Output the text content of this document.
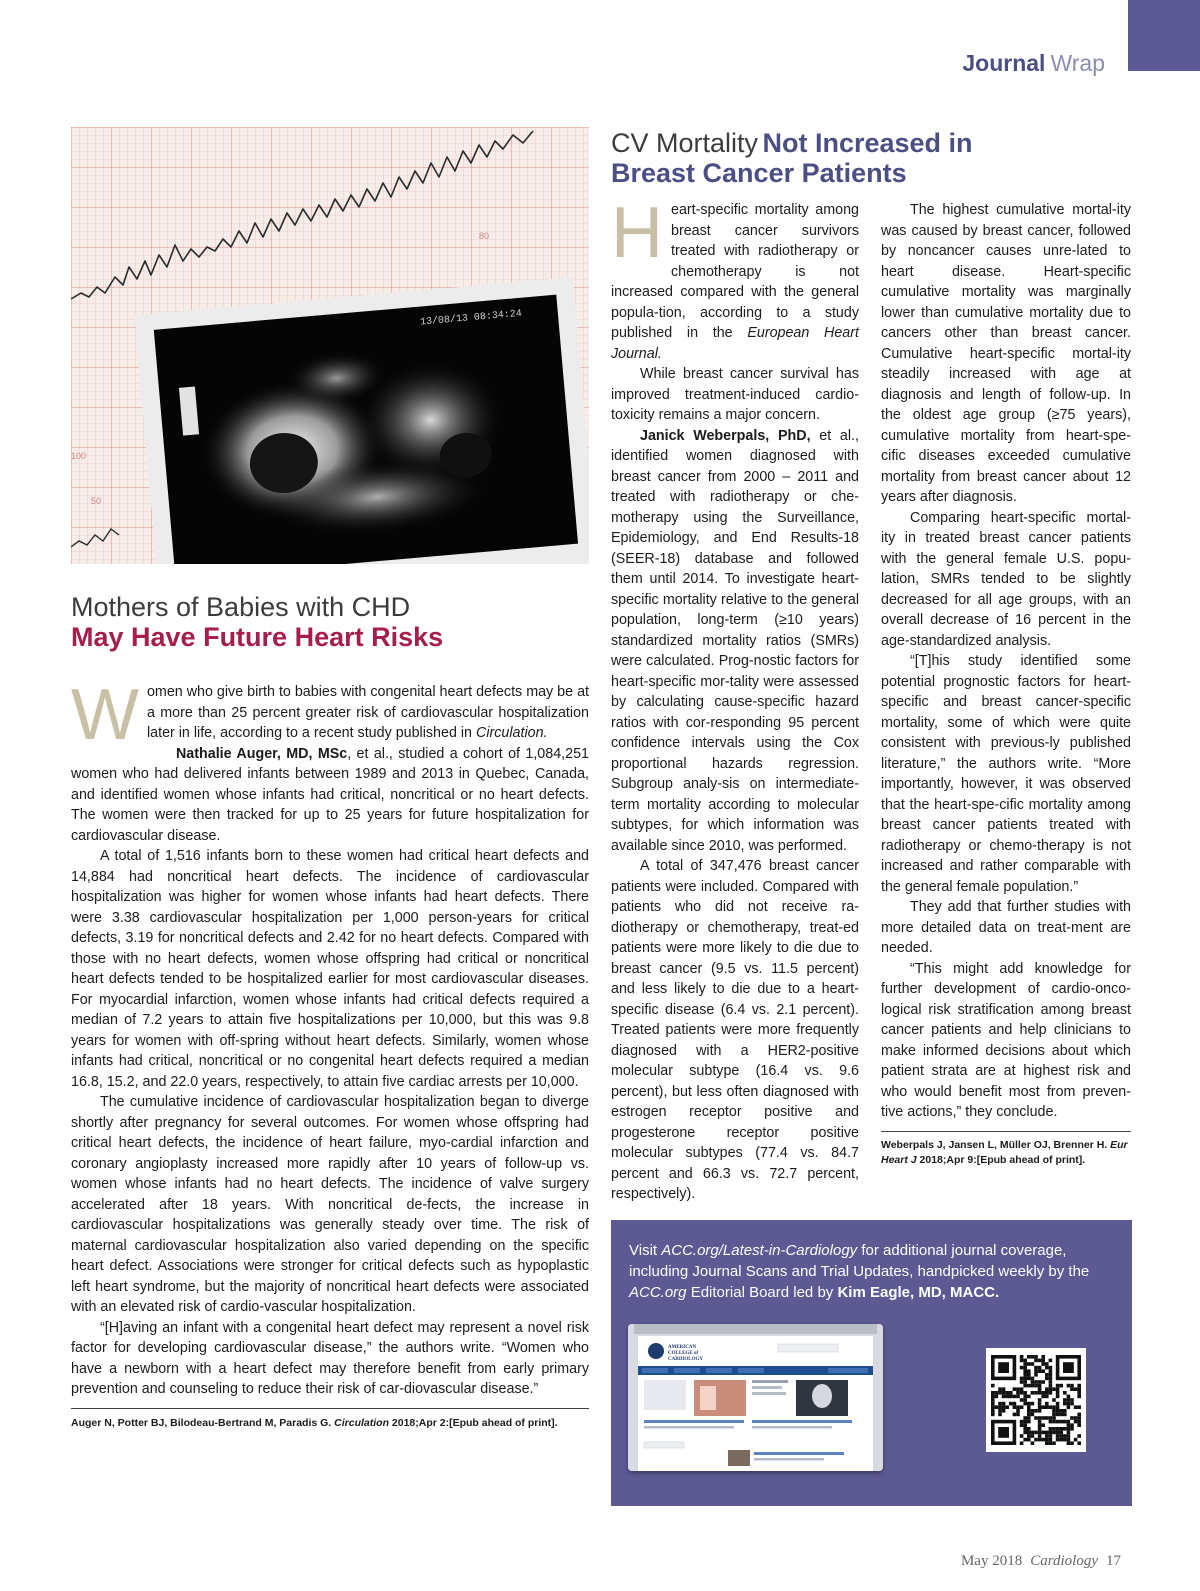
Journal Wrap
80
100
50
13/08/13 08:34:24
Mothers of Babies with CHD
May Have Future Heart Risks

Women who give birth to babies with congenital heart defects may be at a more than 25 percent greater risk of cardiovascular hospitalization later in life, according to a recent study published in Circulation.

Nathalie Auger, MD, MSc, et al., studied a cohort of 1,084,251 women who had delivered infants between 1989 and 2013 in Quebec, Canada, and identified women whose infants had critical, noncritical or no heart defects. The women were then tracked for up to 25 years for future hospitalization for cardiovascular disease.

A total of 1,516 infants born to these women had critical heart defects and 14,884 had noncritical heart defects. The incidence of cardiovascular hospitalization was higher for women whose infants had heart defects. There were 3.38 cardiovascular hospitalization per 1,000 person-years for critical defects, 3.19 for noncritical defects and 2.42 for no heart defects. Compared with those with no heart defects, women whose offspring had critical or noncritical heart defects tended to be hospitalized earlier for most cardiovascular diseases. For myocardial infarction, women whose infants had critical defects required a median of 7.2 years to attain five hospitalizations per 10,000, but this was 9.8 years for women with off-spring without heart defects. Similarly, women whose infants had critical, noncritical or no congenital heart defects required a median 16.8, 15.2, and 22.0 years, respectively, to attain five cardiac arrests per 10,000.

The cumulative incidence of cardiovascular hospitalization began to diverge shortly after pregnancy for several outcomes. For women whose offspring had critical heart defects, the incidence of heart failure, myo-cardial infarction and coronary angioplasty increased more rapidly after 10 years of follow-up vs. women whose infants had no heart defects. The incidence of valve surgery accelerated after 18 years. With noncritical de-fects, the increase in cardiovascular hospitalizations was generally steady over time. The risk of maternal cardiovascular hospitalization also varied depending on the specific heart defect. Associations were stronger for critical defects such as hypoplastic left heart syndrome, but the majority of noncritical heart defects were associated with an elevated risk of cardio-vascular hospitalization.

“[H]aving an infant with a congenital heart defect may represent a novel risk factor for developing cardiovascular disease,” the authors write. “Women who have a newborn with a heart defect may therefore benefit from early primary prevention and counseling to reduce their risk of car-diovascular disease.”

Auger N, Potter BJ, Bilodeau-Bertrand M, Paradis G. Circulation 2018;Apr 2:[Epub ahead of print].
CV Mortality Not Increased in
Breast Cancer Patients

Heart-specific mortality among breast cancer survivors treated with radiotherapy or chemotherapy is not increased compared with the general popula-tion, according to a study published in the European Heart Journal.

While breast cancer survival has improved treatment-induced cardio-toxicity remains a major concern.

Janick Weberpals, PhD, et al., identified women diagnosed with breast cancer from 2000 – 2011 and treated with radiotherapy or che-motherapy using the Surveillance, Epidemiology, and End Results-18 (SEER-18) database and followed them until 2014. To investigate heart-specific mortality relative to the general population, long-term (≥10 years) standardized mortality ratios (SMRs) were calculated. Prog-nostic factors for heart-specific mor-tality were assessed by calculating cause-specific hazard ratios with cor-responding 95 percent confidence intervals using the Cox proportional hazards regression. Subgroup analy-sis on intermediate-term mortality according to molecular subtypes, for which information was available since 2010, was performed.

A total of 347,476 breast cancer patients were included. Compared with patients who did not receive ra-diotherapy or chemotherapy, treat-ed patients were more likely to die due to breast cancer (9.5 vs. 11.5 percent) and less likely to die due to a heart-specific disease (6.4 vs. 2.1 percent). Treated patients were more frequently diagnosed with a HER2-positive molecular subtype (16.4 vs. 9.6 percent), but less often diagnosed with estrogen receptor positive and progesterone receptor positive molecular subtypes (77.4 vs. 84.7 percent and 66.3 vs. 72.7 percent, respectively).

The highest cumulative mortal-ity was caused by breast cancer, followed by noncancer causes unre-lated to heart disease. Heart-specific cumulative mortality was marginally lower than cumulative mortality due to cancers other than breast cancer. Cumulative heart-specific mortal-ity steadily increased with age at diagnosis and length of follow-up. In the oldest age group (≥75 years), cumulative mortality from heart-spe-cific diseases exceeded cumulative mortality from breast cancer about 12 years after diagnosis.

Comparing heart-specific mortal-ity in treated breast cancer patients with the general female U.S. popu-lation, SMRs tended to be slightly decreased for all age groups, with an overall decrease of 16 percent in the age-standardized analysis.

“[T]his study identified some potential prognostic factors for heart-specific and breast cancer-specific mortality, some of which were quite consistent with previous-ly published literature,” the authors write. “More importantly, however, it was observed that the heart-spe-cific mortality among breast cancer patients treated with radiotherapy or chemo-therapy is not increased and rather comparable with the general female population.”

They add that further studies with more detailed data on treat-ment are needed.

“This might add knowledge for further development of cardio-onco-logical risk stratification among breast cancer patients and help clinicians to make informed decisions about which patient strata are at highest risk and who would benefit most from preven-tive actions,” they conclude.

Weberpals J, Jansen L, Müller OJ, Brenner H. Eur Heart J 2018;Apr 9:[Epub ahead of print].
Visit ACC.org/Latest-in-Cardiology for additional journal coverage, including Journal Scans and Trial Updates, handpicked weekly by the ACC.org Editorial Board led by Kim Eagle, MD, MACC.
AMERICAN
COLLEGE of
CARDIOLOGY
May 2018 Cardiology 17
